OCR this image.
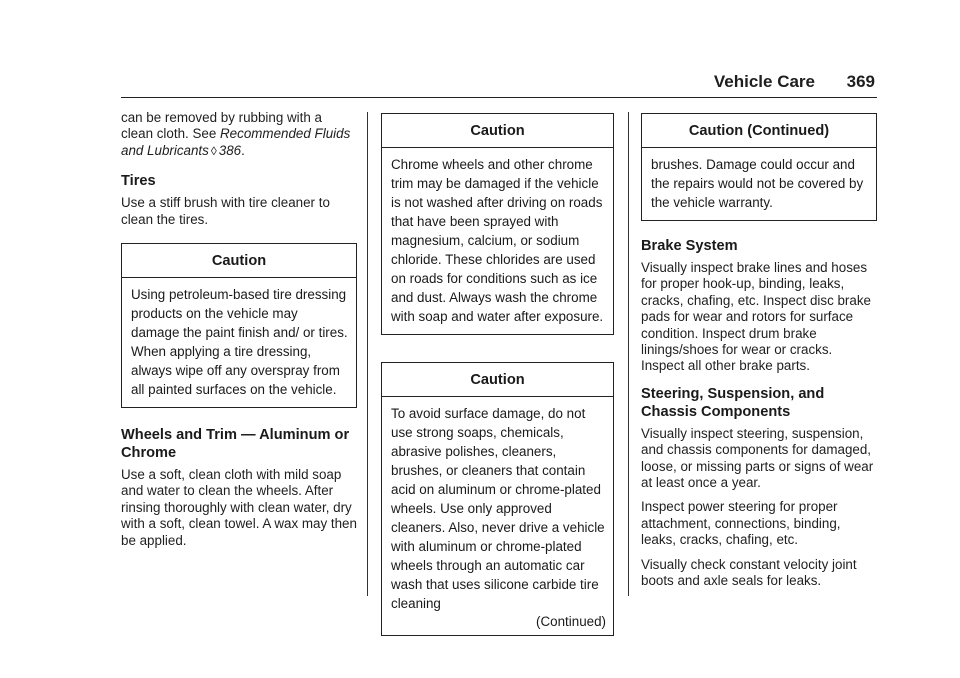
Vehicle Care 369

can be removed by rubbing with a clean cloth. See Recommended Fluids and Lubricants ◊ 386.

Tires

Use a stiff brush with tire cleaner to clean the tires.

Caution
Using petroleum-based tire dressing products on the vehicle may damage the paint finish and/ or tires. When applying a tire dressing, always wipe off any overspray from all painted surfaces on the vehicle.
Wheels and Trim — Aluminum or Chrome

Use a soft, clean cloth with mild soap and water to clean the wheels. After rinsing thoroughly with clean water, dry with a soft, clean towel. A wax may then be applied.

Caution
Chrome wheels and other chrome trim may be damaged if the vehicle is not washed after driving on roads that have been sprayed with magnesium, calcium, or sodium chloride. These chlorides are used on roads for conditions such as ice and dust. Always wash the chrome with soap and water after exposure.
Caution
To avoid surface damage, do not use strong soaps, chemicals, abrasive polishes, cleaners, brushes, or cleaners that contain acid on aluminum or chrome-plated wheels. Use only approved cleaners. Also, never drive a vehicle with aluminum or chrome-plated wheels through an automatic car wash that uses silicone carbide tire cleaning
(Continued)
Caution (Continued)
brushes. Damage could occur and the repairs would not be covered by the vehicle warranty.
Brake System

Visually inspect brake lines and hoses for proper hook-up, binding, leaks, cracks, chafing, etc. Inspect disc brake pads for wear and rotors for surface condition. Inspect drum brake linings/shoes for wear or cracks. Inspect all other brake parts.

Steering, Suspension, and Chassis Components

Visually inspect steering, suspension, and chassis components for damaged, loose, or missing parts or signs of wear at least once a year.

Inspect power steering for proper attachment, connections, binding, leaks, cracks, chafing, etc.

Visually check constant velocity joint boots and axle seals for leaks.
